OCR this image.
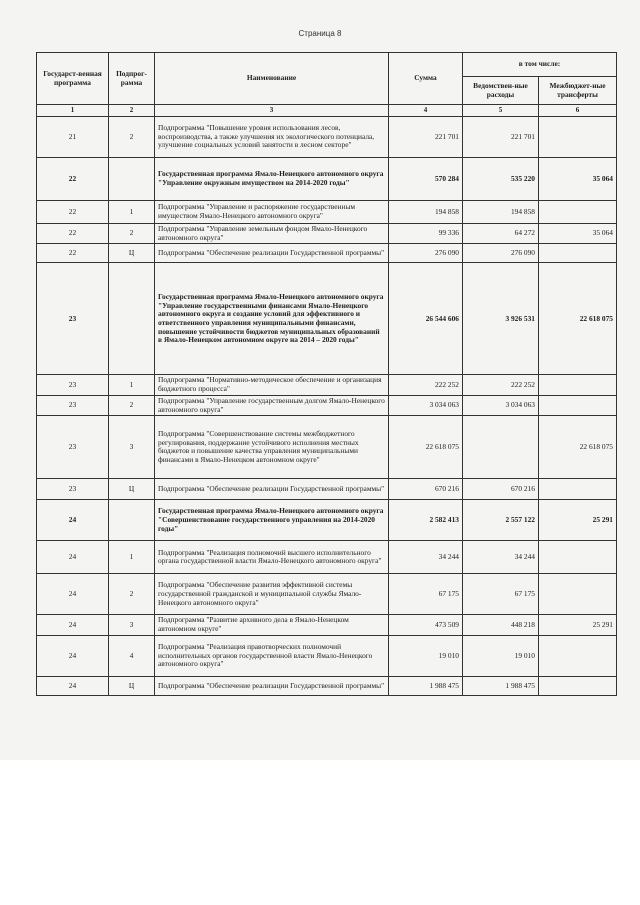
Страница 8
Государст-венная программа	Подпрог-рамма	Наименование	Сумма	в том числе:	
				Ведомствен-ные расходы	Межбюджет-ные трансферты
1	2	3	4	5	6
21	2	Подпрограмма "Повышение уровня использования лесов, воспроизводства, а также улучшения их экологического потенциала, улучшение социальных условий занятости в лесном секторе"	221 701	221 701	
22		Государственная программа Ямало-Ненецкого автономного округа "Управление окружным имуществом на 2014-2020 годы"	570 284	535 220	35 064
22	1	Подпрограмма "Управление и распоряжение государственным имуществом Ямало-Ненецкого автономного округа"	194 858	194 858	
22	2	Подпрограмма "Управление земельным фондом Ямало-Ненецкого автономного округа"	99 336	64 272	35 064
22	Ц	Подпрограмма "Обеспечение реализации Государственной программы"	276 090	276 090	
23		Государственная программа Ямало-Ненецкого автономного округа "Управление государственными финансами Ямало-Ненецкого автономного округа и создание условий для эффективного и ответственного управления муниципальными финансами, повышение устойчивости бюджетов муниципальных образований в Ямало-Ненецком автономном округе на 2014 – 2020 годы"	26 544 606	3 926 531	22 618 075
23	1	Подпрограмма "Нормативно-методическое обеспечение и организация бюджетного процесса"	222 252	222 252	
23	2	Подпрограмма "Управление государственным долгом Ямало-Ненецкого автономного округа"	3 034 063	3 034 063	
23	3	Подпрограмма "Совершенствование системы межбюджетного регулирования, поддержание устойчивого исполнения местных бюджетов и повышение качества управления муниципальными финансами в Ямало-Ненецком автономном округе"	22 618 075		22 618 075
23	Ц	Подпрограмма "Обеспечение реализации Государственной программы"	670 216	670 216	
24		Государственная программа Ямало-Ненецкого автономного округа "Совершенствование государственного управления на 2014-2020 годы"	2 582 413	2 557 122	25 291
24	1	Подпрограмма "Реализация полномочий высшего исполнительного органа государственной власти Ямало-Ненецкого автономного округа"	34 244	34 244	
24	2	Подпрограмма "Обеспечение развития эффективной системы государственной гражданской и муниципальной службы Ямало-Ненецкого автономного округа"	67 175	67 175	
24	3	Подпрограмма "Развитие архивного дела в Ямало-Ненецком автономном округе"	473 509	448 218	25 291
24	4	Подпрограмма "Реализация правотворческих полномочий исполнительных органов государственной власти Ямало-Ненецкого автономного округа"	19 010	19 010	
24	Ц	Подпрограмма "Обеспечение реализации Государственной программы"	1 988 475	1 988 475	
